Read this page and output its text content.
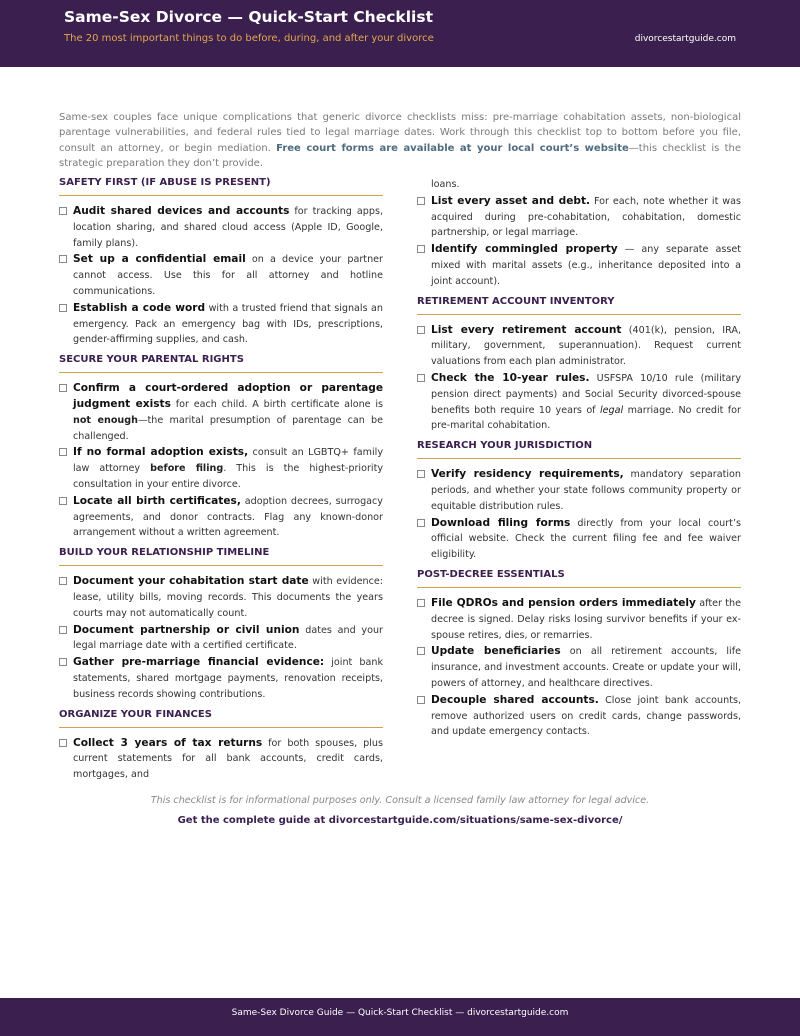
Same-Sex Divorce — Quick-Start Checklist
The 20 most important things to do before, during, and after your divorce	divorcestartguide.com
Same-sex couples face unique complications that generic divorce checklists miss: pre-marriage cohabitation assets, non-biological parentage vulnerabilities, and federal rules tied to legal marriage dates. Work through this checklist top to bottom before you file, consult an attorney, or begin mediation. Free court forms are available at your local court’s website—this checklist is the strategic preparation they don’t provide.
SAFETY FIRST (IF ABUSE IS PRESENT)
Audit shared devices and accounts for tracking apps, location sharing, and shared cloud access (Apple ID, Google, family plans).
Set up a confidential email on a device your partner cannot access. Use this for all attorney and hotline communications.
Establish a code word with a trusted friend that signals an emergency. Pack an emergency bag with IDs, prescriptions, gender-affirming supplies, and cash.
SECURE YOUR PARENTAL RIGHTS
Confirm a court-ordered adoption or parentage judgment exists for each child. A birth certificate alone is not enough—the marital presumption of parentage can be challenged.
If no formal adoption exists, consult an LGBTQ+ family law attorney before filing. This is the highest-priority consultation in your entire divorce.
Locate all birth certificates, adoption decrees, surrogacy agreements, and donor contracts. Flag any known-donor arrangement without a written agreement.
BUILD YOUR RELATIONSHIP TIMELINE
Document your cohabitation start date with evidence: lease, utility bills, moving records. This documents the years courts may not automatically count.
Document partnership or civil union dates and your legal marriage date with a certified certificate.
Gather pre-marriage financial evidence: joint bank statements, shared mortgage payments, renovation receipts, business records showing contributions.
ORGANIZE YOUR FINANCES
Collect 3 years of tax returns for both spouses, plus current statements for all bank accounts, credit cards, mortgages, and
loans.
List every asset and debt. For each, note whether it was acquired during pre-cohabitation, cohabitation, domestic partnership, or legal marriage.
Identify commingled property — any separate asset mixed with marital assets (e.g., inheritance deposited into a joint account).
RETIREMENT ACCOUNT INVENTORY
List every retirement account (401(k), pension, IRA, military, government, superannuation). Request current valuations from each plan administrator.
Check the 10-year rules. USFSPA 10/10 rule (military pension direct payments) and Social Security divorced-spouse benefits both require 10 years of legal marriage. No credit for pre-marital cohabitation.
RESEARCH YOUR JURISDICTION
Verify residency requirements, mandatory separation periods, and whether your state follows community property or equitable distribution rules.
Download filing forms directly from your local court’s official website. Check the current filing fee and fee waiver eligibility.
POST-DECREE ESSENTIALS
File QDROs and pension orders immediately after the decree is signed. Delay risks losing survivor benefits if your ex-spouse retires, dies, or remarries.
Update beneficiaries on all retirement accounts, life insurance, and investment accounts. Create or update your will, powers of attorney, and healthcare directives.
Decouple shared accounts. Close joint bank accounts, remove authorized users on credit cards, change passwords, and update emergency contacts.
This checklist is for informational purposes only. Consult a licensed family law attorney for legal advice.
Get the complete guide at divorcestartguide.com/situations/same-sex-divorce/
Same-Sex Divorce Guide — Quick-Start Checklist — divorcestartguide.com
